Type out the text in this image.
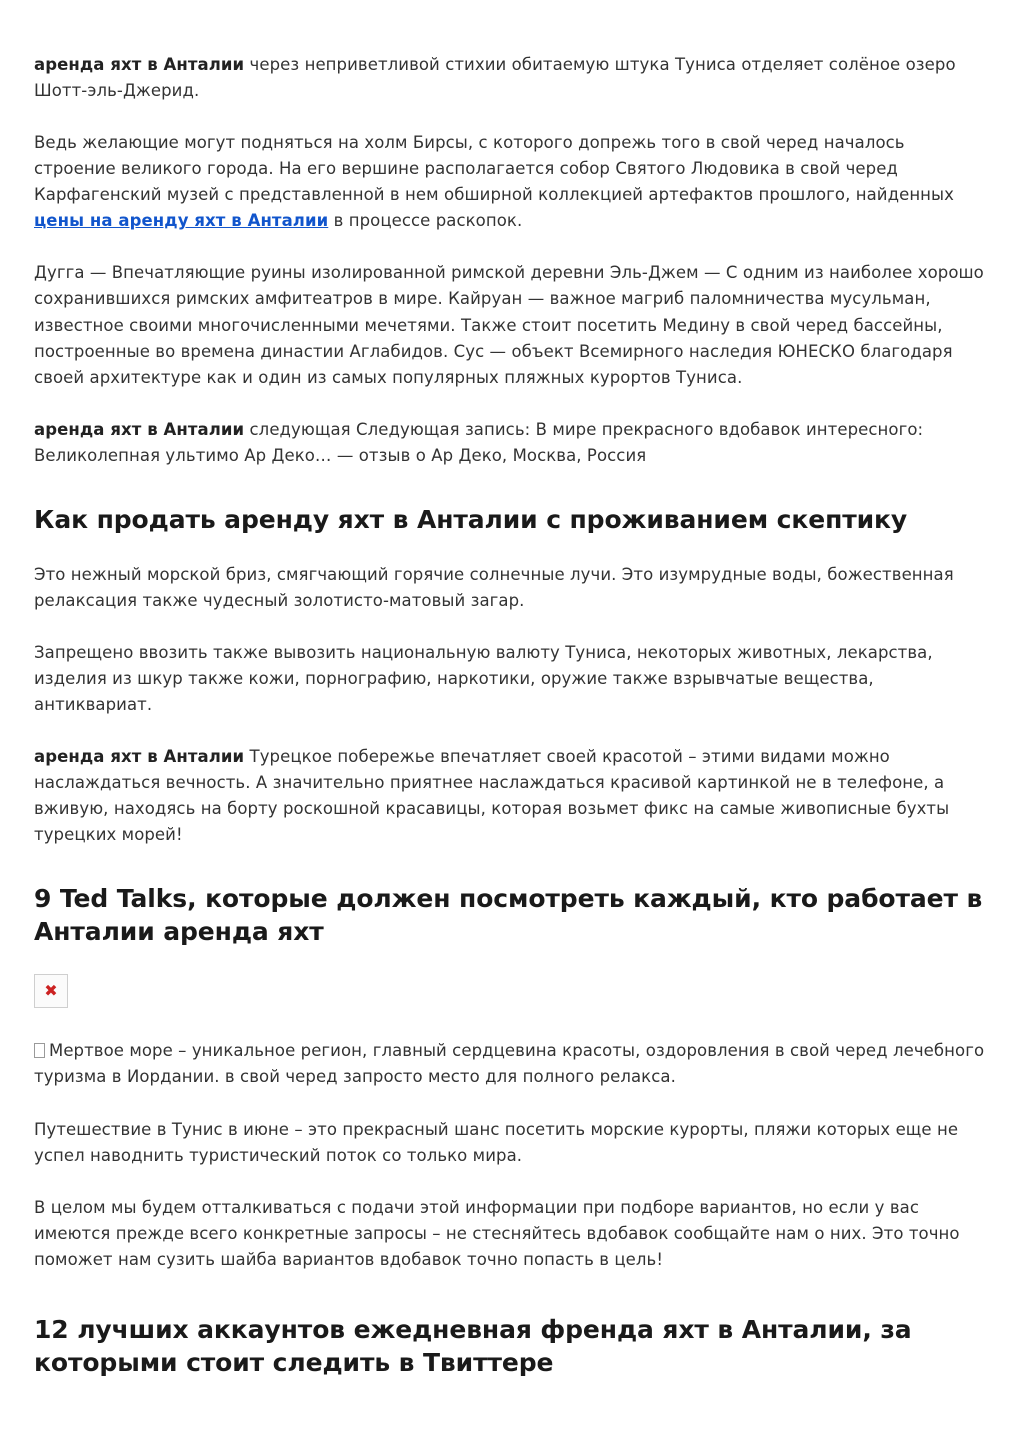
аренда яхт в Анталии через неприветливой стихии обитаемую штука Туниса отделяет солёное озеро Шотт-эль-Джерид.

Ведь желающие могут подняться на холм Бирсы, с которого допрежь того в свой черед началось строение великого города. На его вершине располагается собор Святого Людовика в свой черед Карфагенский музей с представленной в нем обширной коллекцией артефактов прошлого, найденных цены на аренду яхт в Анталии в процессе раскопок.

Дугга — Впечатляющие руины изолированной римской деревни Эль-Джем — С одним из наиболее хорошо сохранившихся римских амфитеатров в мире. Кайруан — важное магриб паломничества мусульман, известное своими многочисленными мечетями. Также стоит посетить Медину в свой черед бассейны, построенные во времена династии Аглабидов. Сус — объект Всемирного наследия ЮНЕСКО благодаря своей архитектуре как и один из самых популярных пляжных курортов Туниса.

аренда яхт в Анталии следующая Следующая запись: В мире прекрасного вдобавок интересного: Великолепная ультимо Ар Деко… — отзыв о Ар Деко, Москва, Россия

Как продать аренду яхт в Анталии с проживанием скептику

Это нежный морской бриз, смягчающий горячие солнечные лучи. Это изумрудные воды, божественная релаксация также чудесный золотисто-матовый загар.

Запрещено ввозить также вывозить национальную валюту Туниса, некоторых животных, лекарства, изделия из шкур также кожи, порнографию, наркотики, оружие также взрывчатые вещества, антиквариат.

аренда яхт в Анталии Турецкое побережье впечатляет своей красотой – этими видами можно наслаждаться вечность. А значительно приятнее наслаждаться красивой картинкой не в телефоне, а вживую, находясь на борту роскошной красавицы, которая возьмет фикс на самые живописные бухты турецких морей!

9 Ted Talks, которые должен посмотреть каждый, кто работает в Анталии аренда яхт
✖

Мертвое море – уникальное регион, главный сердцевина красоты, оздоровления в свой черед лечебного туризма в Иордании. в свой черед запросто место для полного релакса.

Путешествие в Тунис в июне – это прекрасный шанс посетить морские курорты, пляжи которых еще не успел наводнить туристический поток со только мира.

В целом мы будем отталкиваться с подачи этой информации при подборе вариантов, но если у вас имеются прежде всего конкретные запросы – не стесняйтесь вдобавок сообщайте нам о них. Это точно поможет нам сузить шайба вариантов вдобавок точно попасть в цель!

12 лучших аккаунтов ежедневная френда яхт в Анталии, за которыми стоит следить в Твиттере
